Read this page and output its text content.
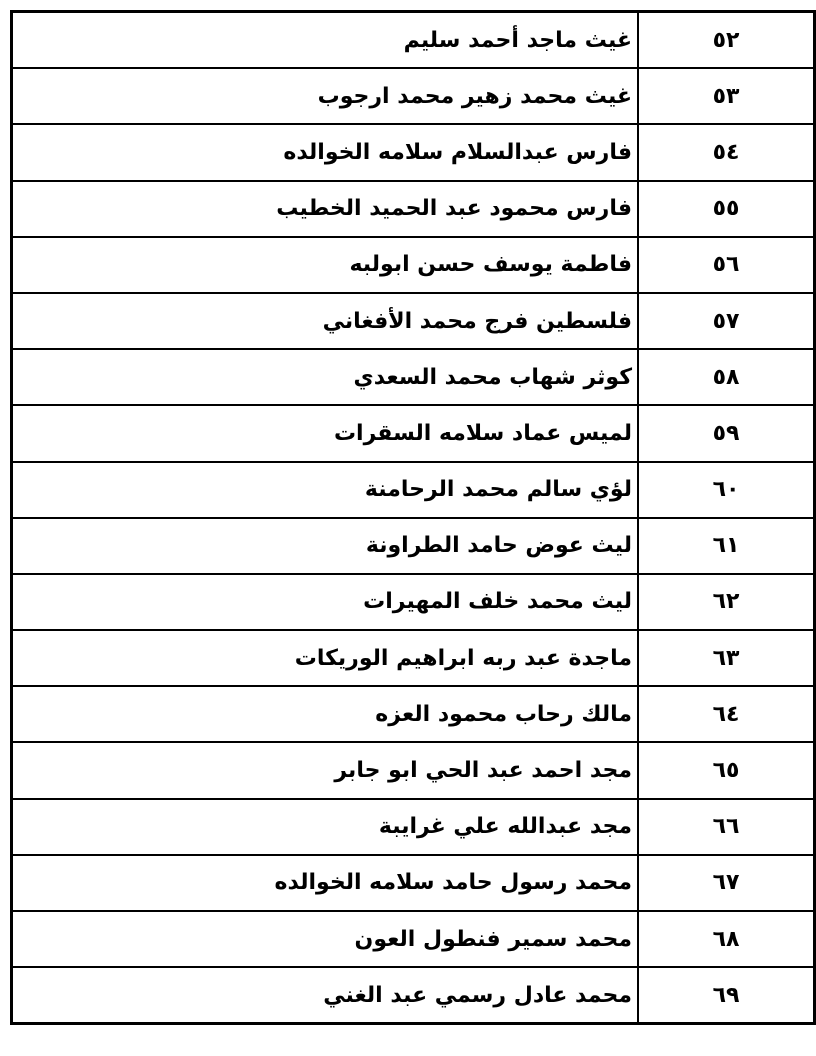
٥٢	غيث ماجد أحمد سليم
٥٣	غيث محمد زهير محمد ارجوب
٥٤	فارس عبدالسلام سلامه الخوالده
٥٥	فارس محمود عبد الحميد الخطيب
٥٦	فاطمة يوسف حسن ابولبه
٥٧	فلسطين فرج محمد الأفغاني
٥٨	كوثر شهاب محمد السعدي
٥٩	لميس عماد سلامه السقرات
٦٠	لؤي سالم محمد الرحامنة
٦١	ليث عوض حامد الطراونة
٦٢	ليث محمد خلف المهيرات
٦٣	ماجدة عبد ربه ابراهيم الوريكات
٦٤	مالك رحاب محمود العزه
٦٥	مجد احمد عبد الحي ابو جابر
٦٦	مجد عبدالله علي غرايبة
٦٧	محمد رسول حامد سلامه الخوالده
٦٨	محمد سمير فنطول العون
٦٩	محمد عادل رسمي عبد الغني
